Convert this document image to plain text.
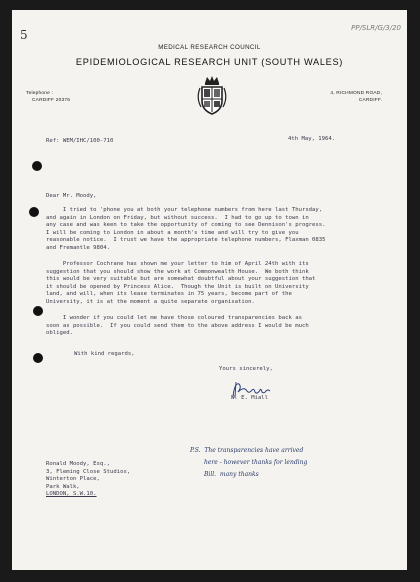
5	PP/SLR/G/3/20
MEDICAL RESEARCH COUNCIL
EPIDEMIOLOGICAL RESEARCH UNIT (SOUTH WALES)
Telephone :
CARDIFF 20376
4, RICHMOND ROAD,
CARDIFF.
Ref: WEM/IHC/100-710	4th May, 1964.
Dear Mr. Moody,
I tried to 'phone you at both your telephone numbers from here last Thursday,
and again in London on Friday, but without success.  I had to go up to town in
any case and was keen to take the opportunity of coming to see Dennison's progress.
I will be coming to London in about a month's time and will try to give you
reasonable notice.  I trust we have the appropriate telephone numbers, Flaxman 0835
and Fremantle 9804.
Professor Cochrane has shown me your letter to him of April 24th with its
suggestion that you should show the work at Commonwealth House.  We both think
this would be very suitable but are somewhat doubtful about your suggestion that
it should be opened by Princess Alice.  Though the Unit is built on University
land, and will, when its lease terminates in 75 years, become part of the
University, it is at the moment a quite separate organisation.
I wonder if you could let me have those coloured transparencies back as
soon as possible.  If you could send them to the above address I would be much
obliged.
With kind regards,
Yours sincerely,
W. E. Miall
Ronald Moody, Esq.,
3, Fleming Close Studios,
Winterton Place,
Park Walk,
LONDON, S.W.10.
P.S.  The transparencies have arrived
here - however thanks for lending
Bill.  many thanks
